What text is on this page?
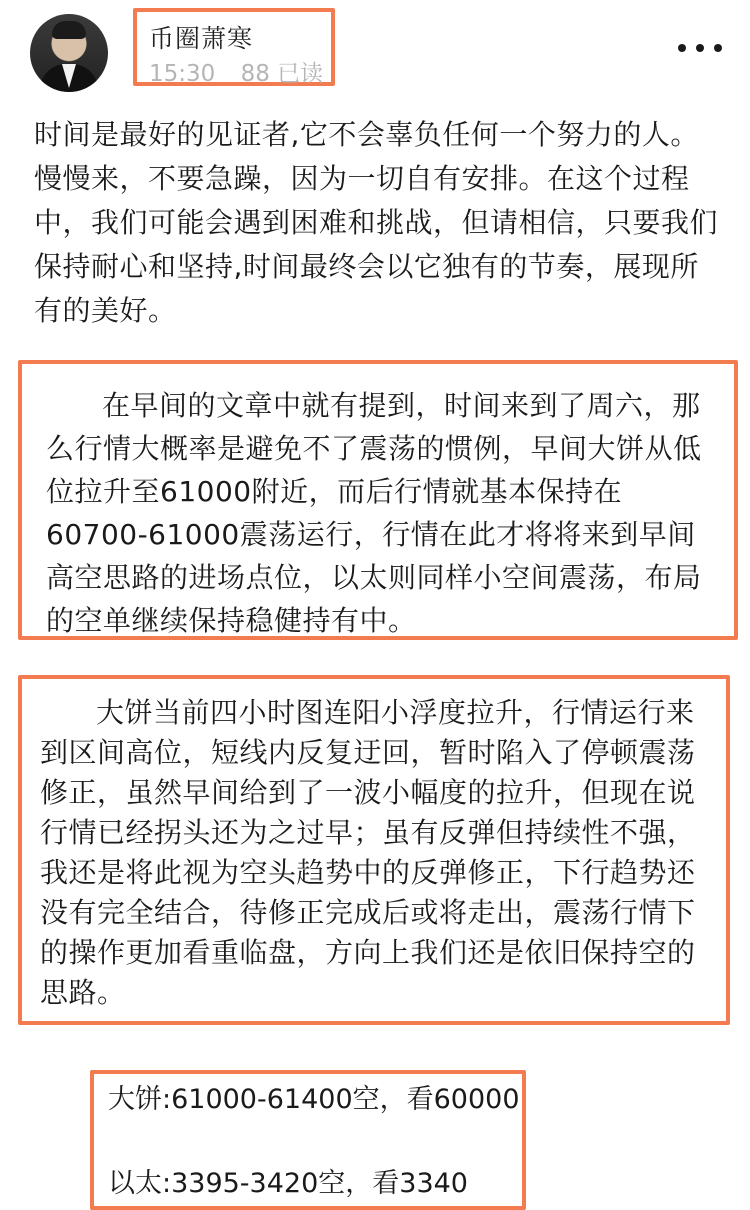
币圈萧寒
15:30 88 已读
时间是最好的见证者,它不会辜负任何一个努力的人。慢慢来，不要急躁，因为一切自有安排。在这个过程中，我们可能会遇到困难和挑战，但请相信，只要我们保持耐心和坚持,时间最终会以它独有的节奏，展现所有的美好。

在早间的文章中就有提到，时间来到了周六，那么行情大概率是避免不了震荡的惯例，早间大饼从低位拉升至61000附近，而后行情就基本保持在60700-61000震荡运行，行情在此才将将来到早间高空思路的进场点位，以太则同样小空间震荡，布局的空单继续保持稳健持有中。

大饼当前四小时图连阳小浮度拉升，行情运行来到区间高位，短线内反复迂回，暂时陷入了停顿震荡修正，虽然早间给到了一波小幅度的拉升，但现在说行情已经拐头还为之过早；虽有反弹但持续性不强，我还是将此视为空头趋势中的反弹修正，下行趋势还没有完全结合，待修正完成后或将走出，震荡行情下的操作更加看重临盘，方向上我们还是依旧保持空的思路。

大饼:61000-61400空，看60000

以太:3395-3420空，看3340
